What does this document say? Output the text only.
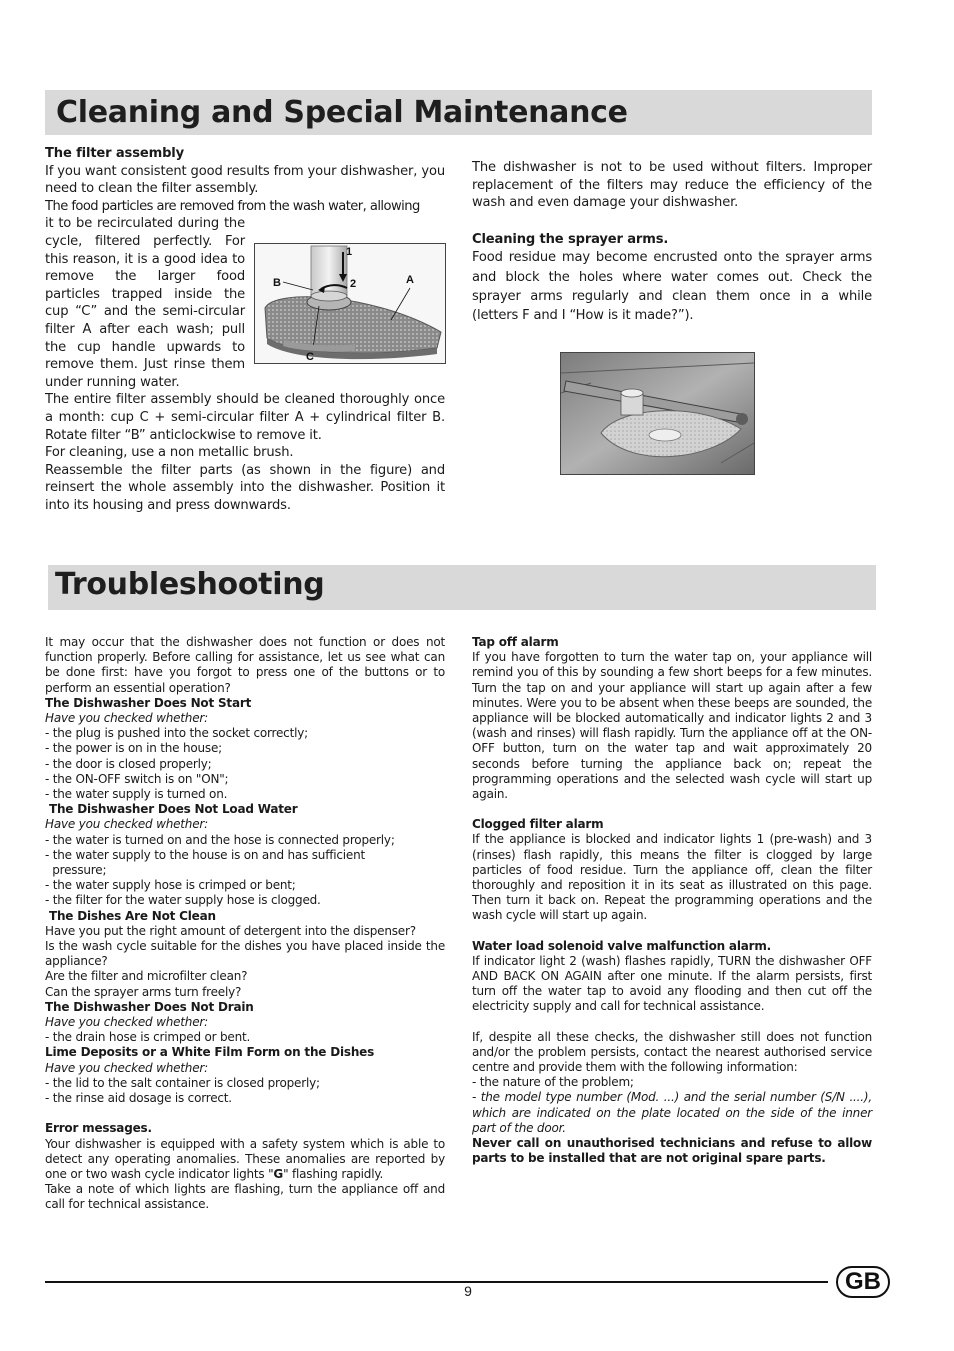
Cleaning and Special Maintenance

The filter assembly

If you want consistent good results from your dishwasher, you need to clean the filter assembly.

The food particles are removed from the wash water, allowing

it to be recirculated during the cycle, filtered perfectly. For this reason, it is a good idea to remove the larger food particles trapped inside the cup “C” and the semi-circular filter A after each wash; pull the cup handle upwards to remove them. Just rinse them under running water.

The entire filter assembly should be cleaned thoroughly once a month: cup C + semi-circular filter A + cylindrical filter B. Rotate filter “B” anticlockwise to remove it.

For cleaning, use a non metallic brush.

Reassemble the filter parts (as shown in the figure) and reinsert the whole assembly into the dishwasher. Position it into its housing and press downwards.

1
2	A
B
C

The dishwasher is not to be used without filters. Improper replacement of the filters may reduce the efficiency of the wash and even damage your dishwasher.

Cleaning the sprayer arms.

Food residue may become encrusted onto the sprayer arms and block the holes where water comes out. Check the sprayer arms regularly and clean them once in a while (letters F and I “How is it made?”).

Troubleshooting

It may occur that the dishwasher does not function or does not function properly. Before calling for assistance, let us see what can be done first: have you forgot to press one of the buttons or to perform an essential operation?

The Dishwasher Does Not Start

Have you checked whether:

- the plug is pushed into the socket correctly;

- the power is on in the house;

- the door is closed properly;

- the ON-OFF switch is on "ON";

- the water supply is turned on.

The Dishwasher Does Not Load Water

Have you checked whether:

- the water is turned on and the hose is connected properly;

- the water supply to the house is on and has sufficient

pressure;

- the water supply hose is crimped or bent;

- the filter for the water supply hose is clogged.

The Dishes Are Not Clean

Have you put the right amount of detergent into the dispenser?

Is the wash cycle suitable for the dishes you have placed inside the appliance?

Are the filter and microfilter clean?

Can the sprayer arms turn freely?

The Dishwasher Does Not Drain

Have you checked whether:

- the drain hose is crimped or bent.

Lime Deposits or a White Film Form on the Dishes

Have you checked whether:

- the lid to the salt container is closed properly;

- the rinse aid dosage is correct.

Error messages.

Your dishwasher is equipped with a safety system which is able to detect any operating anomalies. These anomalies are reported by one or two wash cycle indicator lights "G" flashing rapidly.

Take a note of which lights are flashing, turn the appliance off and call for technical assistance.

Tap off alarm

If you have forgotten to turn the water tap on, your appliance will remind you of this by sounding a few short beeps for a few minutes. Turn the tap on and your appliance will start up again after a few minutes. Were you to be absent when these beeps are sounded, the appliance will be blocked automatically and indicator lights 2 and 3 (wash and rinses) will flash rapidly. Turn the appliance off at the ON-OFF button, turn on the water tap and wait approximately 20 seconds before turning the appliance back on; repeat the programming operations and the selected wash cycle will start up again.

Clogged filter alarm

If the appliance is blocked and indicator lights 1 (pre-wash) and 3 (rinses) flash rapidly, this means the filter is clogged by large particles of food residue. Turn the appliance off, clean the filter thoroughly and reposition it in its seat as illustrated on this page. Then turn it back on. Repeat the programming operations and the wash cycle will start up again.

Water load solenoid valve malfunction alarm.

If indicator light 2 (wash) flashes rapidly, TURN the dishwasher OFF AND BACK ON AGAIN after one minute. If the alarm persists, first turn off the water tap to avoid any flooding and then cut off the electricity supply and call for technical assistance.

If, despite all these checks, the dishwasher still does not function and/or the problem persists, contact the nearest authorised service centre and provide them with the following information:

- the nature of the problem;

- the model type number (Mod. ...) and the serial number (S/N ....), which are indicated on the plate located on the side of the inner part of the door.

Never call on unauthorised technicians and refuse to allow parts to be installed that are not original spare parts.

9	GB
